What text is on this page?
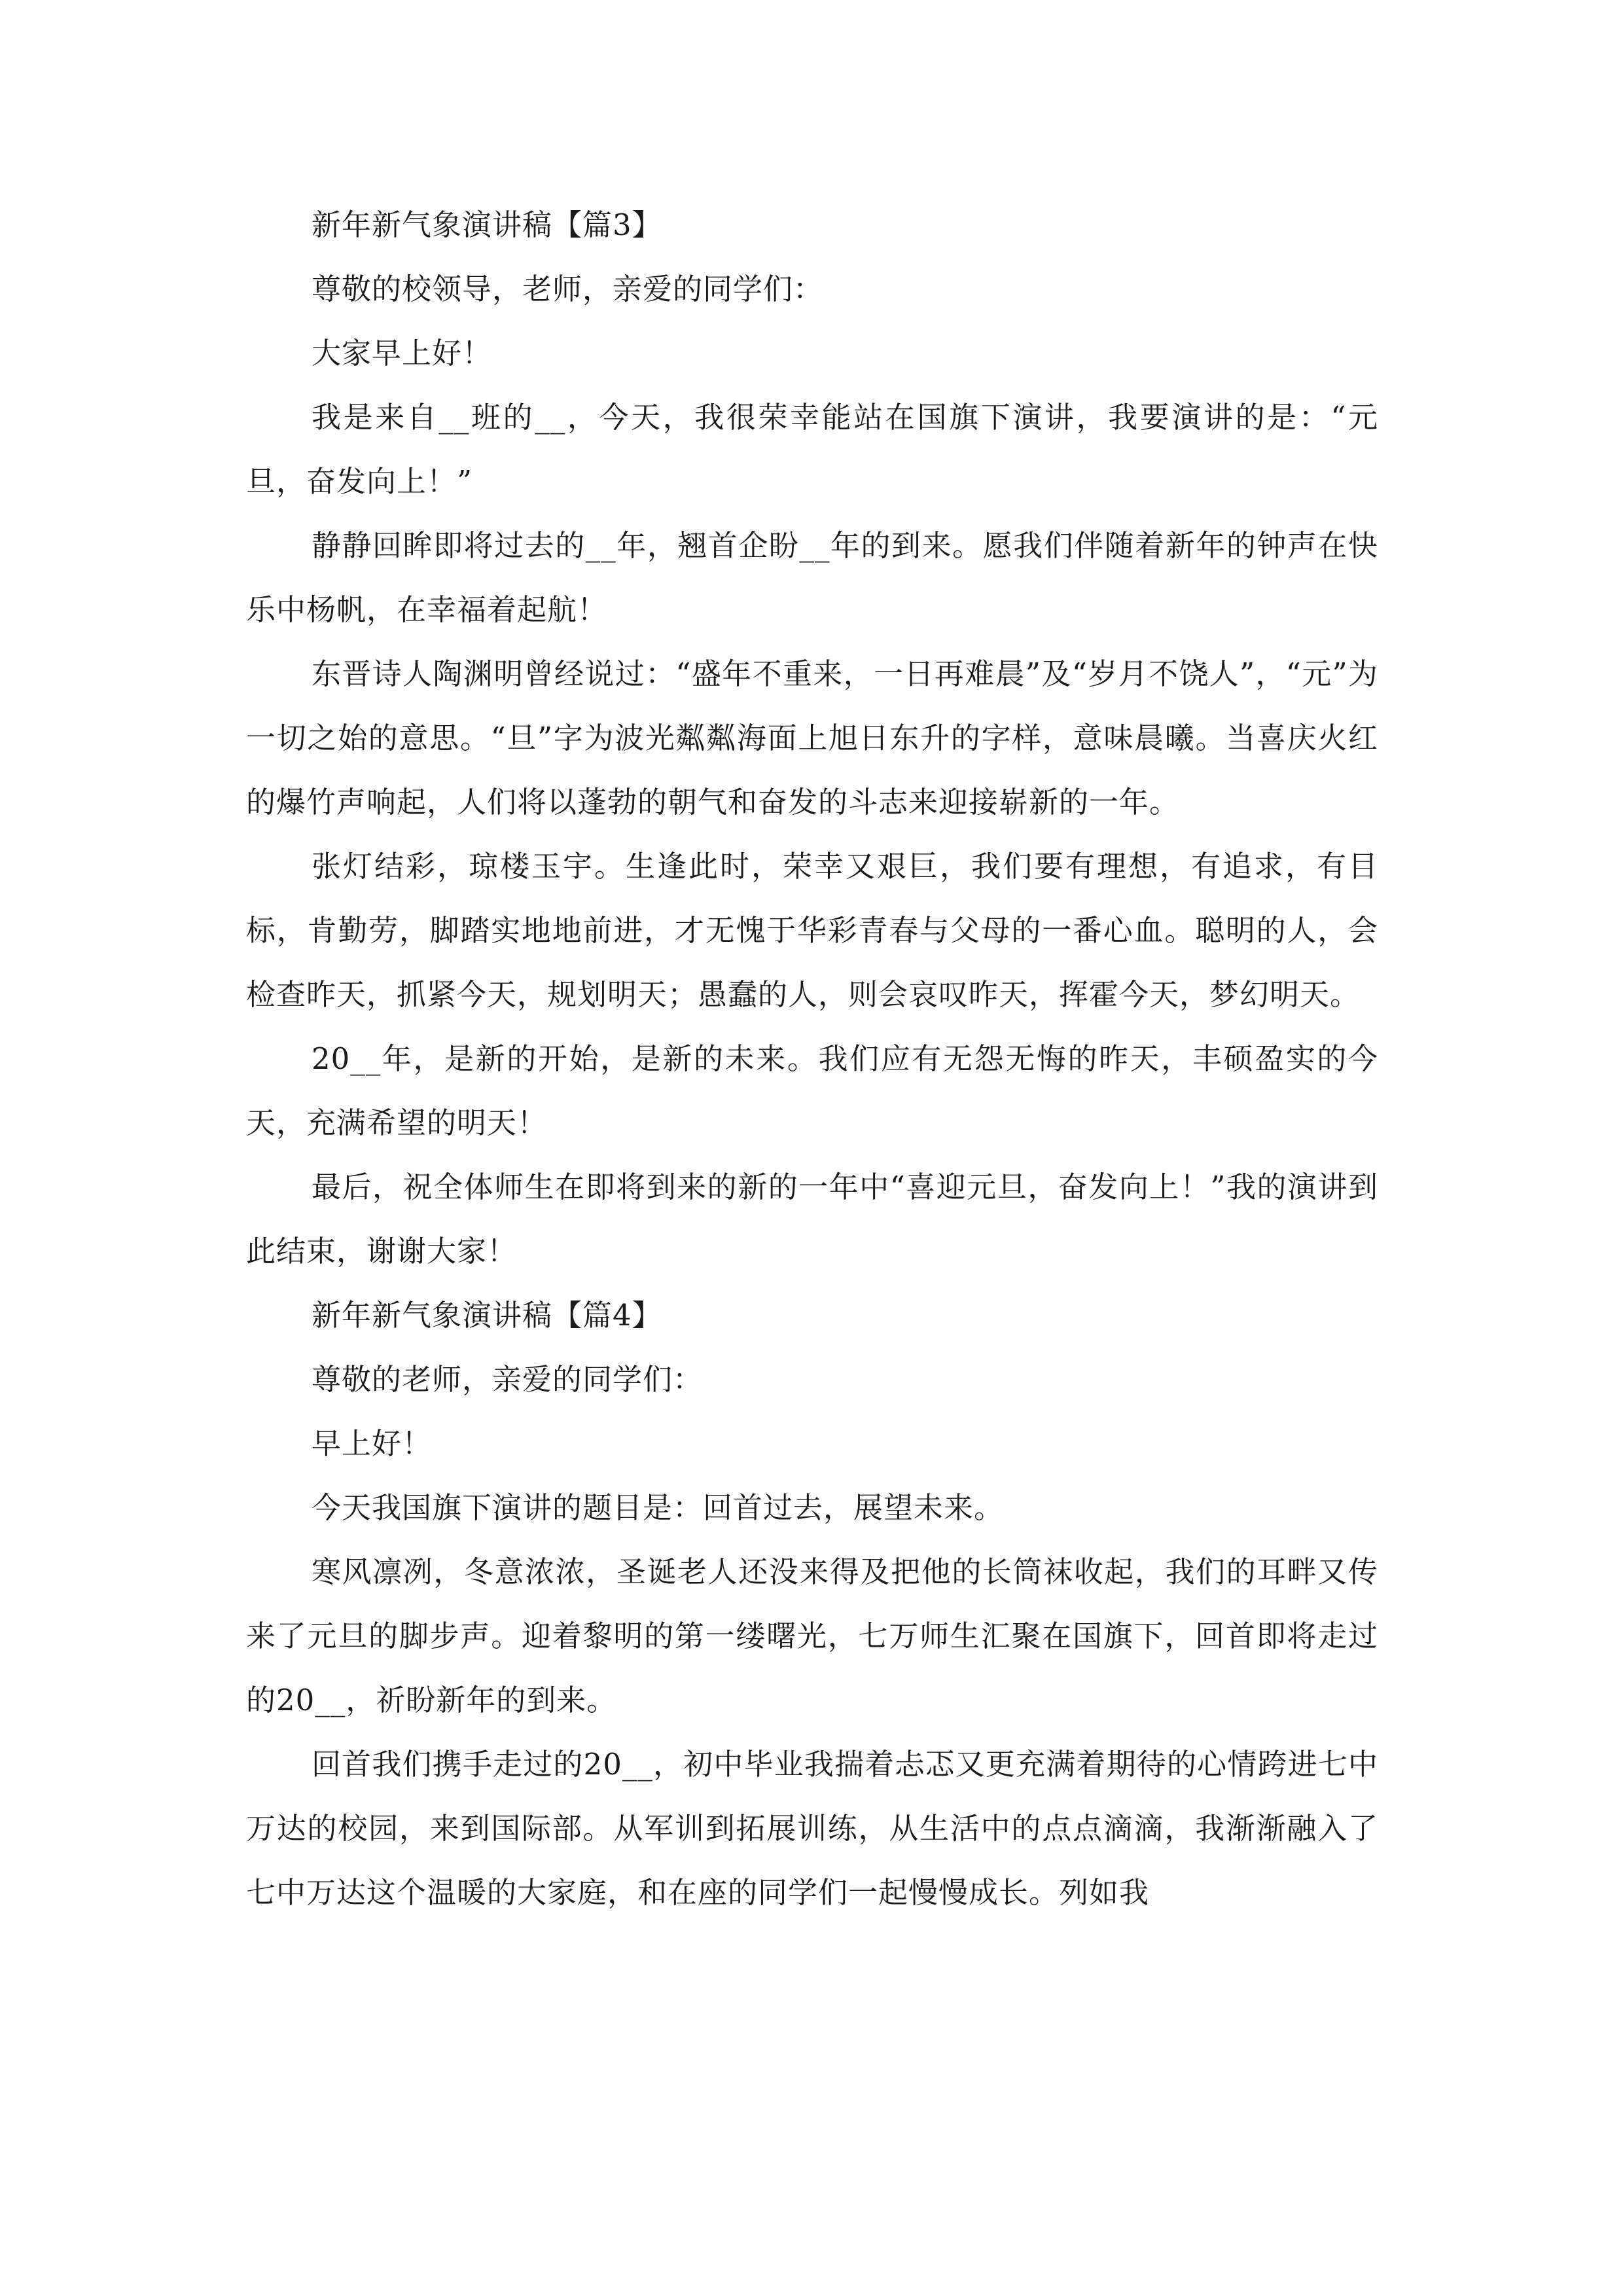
新年新气象演讲稿【篇3】

尊敬的校领导，老师，亲爱的同学们：

大家早上好！

我是来自__班的__，今天，我很荣幸能站在国旗下演讲，我要演讲的是：“元旦，奋发向上！”

静静回眸即将过去的__年，翘首企盼__年的到来。愿我们伴随着新年的钟声在快乐中杨帆，在幸福着起航！

东晋诗人陶渊明曾经说过：“盛年不重来，一日再难晨”及“岁月不饶人”，“元”为一切之始的意思。“旦”字为波光粼粼海面上旭日东升的字样，意味晨曦。当喜庆火红的爆竹声响起，人们将以蓬勃的朝气和奋发的斗志来迎接崭新的一年。

张灯结彩，琼楼玉宇。生逢此时，荣幸又艰巨，我们要有理想，有追求，有目标，肯勤劳，脚踏实地地前进，才无愧于华彩青春与父母的一番心血。聪明的人，会检查昨天，抓紧今天，规划明天；愚蠢的人，则会哀叹昨天，挥霍今天，梦幻明天。

20__年，是新的开始，是新的未来。我们应有无怨无悔的昨天，丰硕盈实的今天，充满希望的明天！

最后，祝全体师生在即将到来的新的一年中“喜迎元旦，奋发向上！”我的演讲到此结束，谢谢大家！

新年新气象演讲稿【篇4】

尊敬的老师，亲爱的同学们：

早上好！

今天我国旗下演讲的题目是：回首过去，展望未来。

寒风凛冽，冬意浓浓，圣诞老人还没来得及把他的长筒袜收起，我们的耳畔又传来了元旦的脚步声。迎着黎明的第一缕曙光，七万师生汇聚在国旗下，回首即将走过的20__，祈盼新年的到来。

回首我们携手走过的20__，初中毕业我揣着忐忑又更充满着期待的心情跨进七中万达的校园，来到国际部。从军训到拓展训练，从生活中的点点滴滴，我渐渐融入了七中万达这个温暖的大家庭，和在座的同学们一起慢慢成长。列如我
